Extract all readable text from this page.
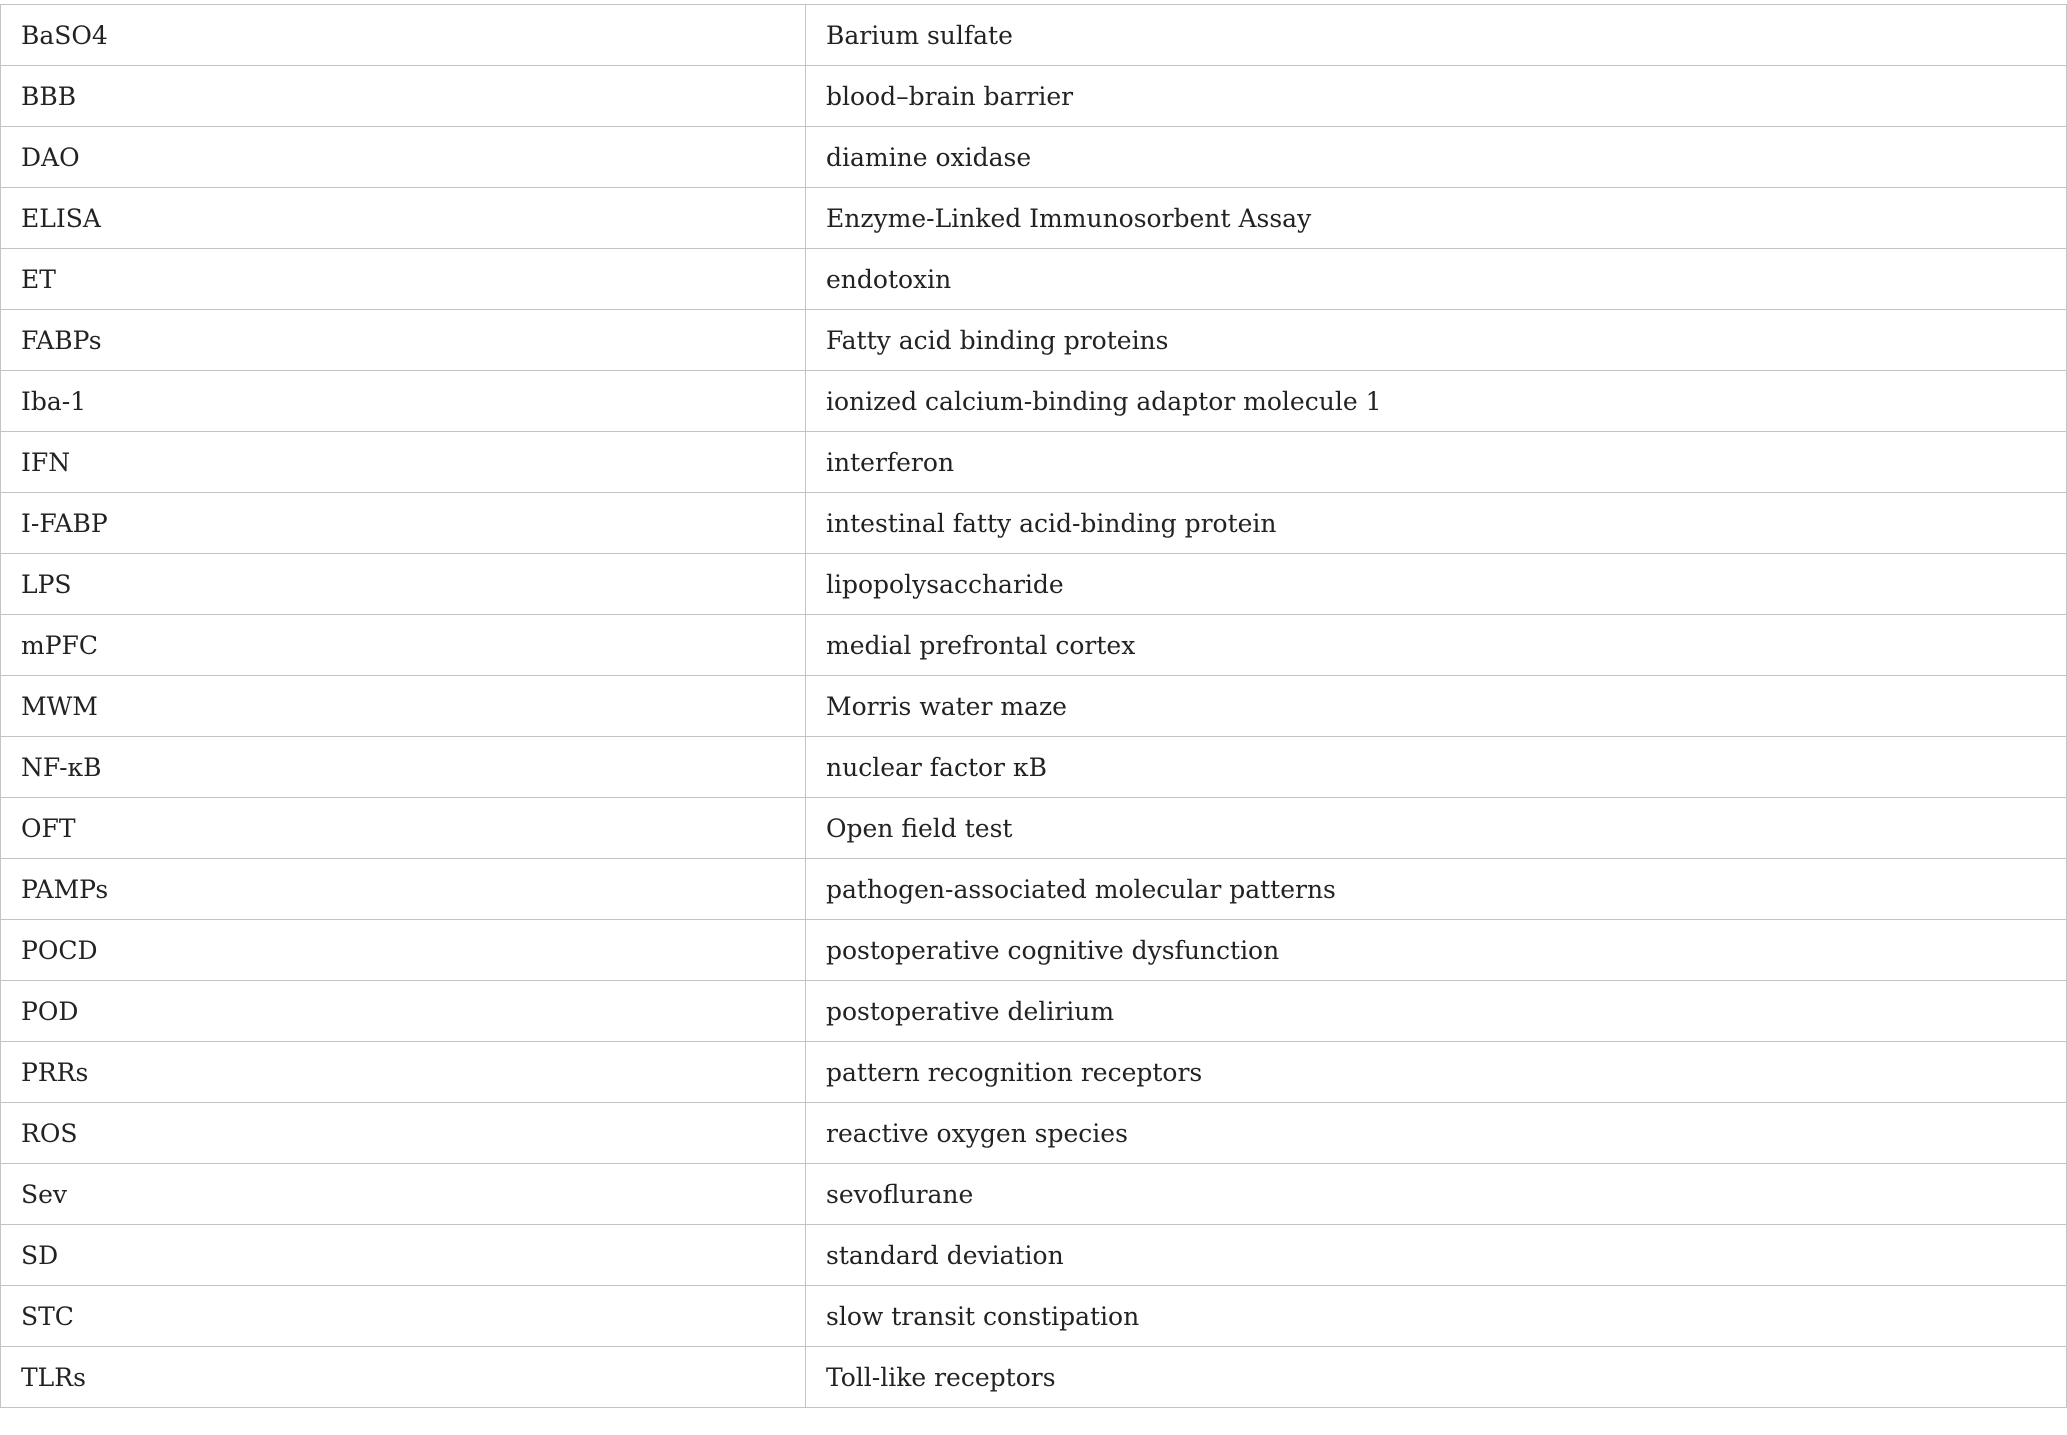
BaSO4	Barium sulfate
BBB	blood–brain barrier
DAO	diamine oxidase
ELISA	Enzyme-Linked Immunosorbent Assay
ET	endotoxin
FABPs	Fatty acid binding proteins
Iba-1	ionized calcium-binding adaptor molecule 1
IFN	interferon
I-FABP	intestinal fatty acid-binding protein
LPS	lipopolysaccharide
mPFC	medial prefrontal cortex
MWM	Morris water maze
NF-κB	nuclear factor κB
OFT	Open field test
PAMPs	pathogen-associated molecular patterns
POCD	postoperative cognitive dysfunction
POD	postoperative delirium
PRRs	pattern recognition receptors
ROS	reactive oxygen species
Sev	sevoflurane
SD	standard deviation
STC	slow transit constipation
TLRs	Toll-like receptors
